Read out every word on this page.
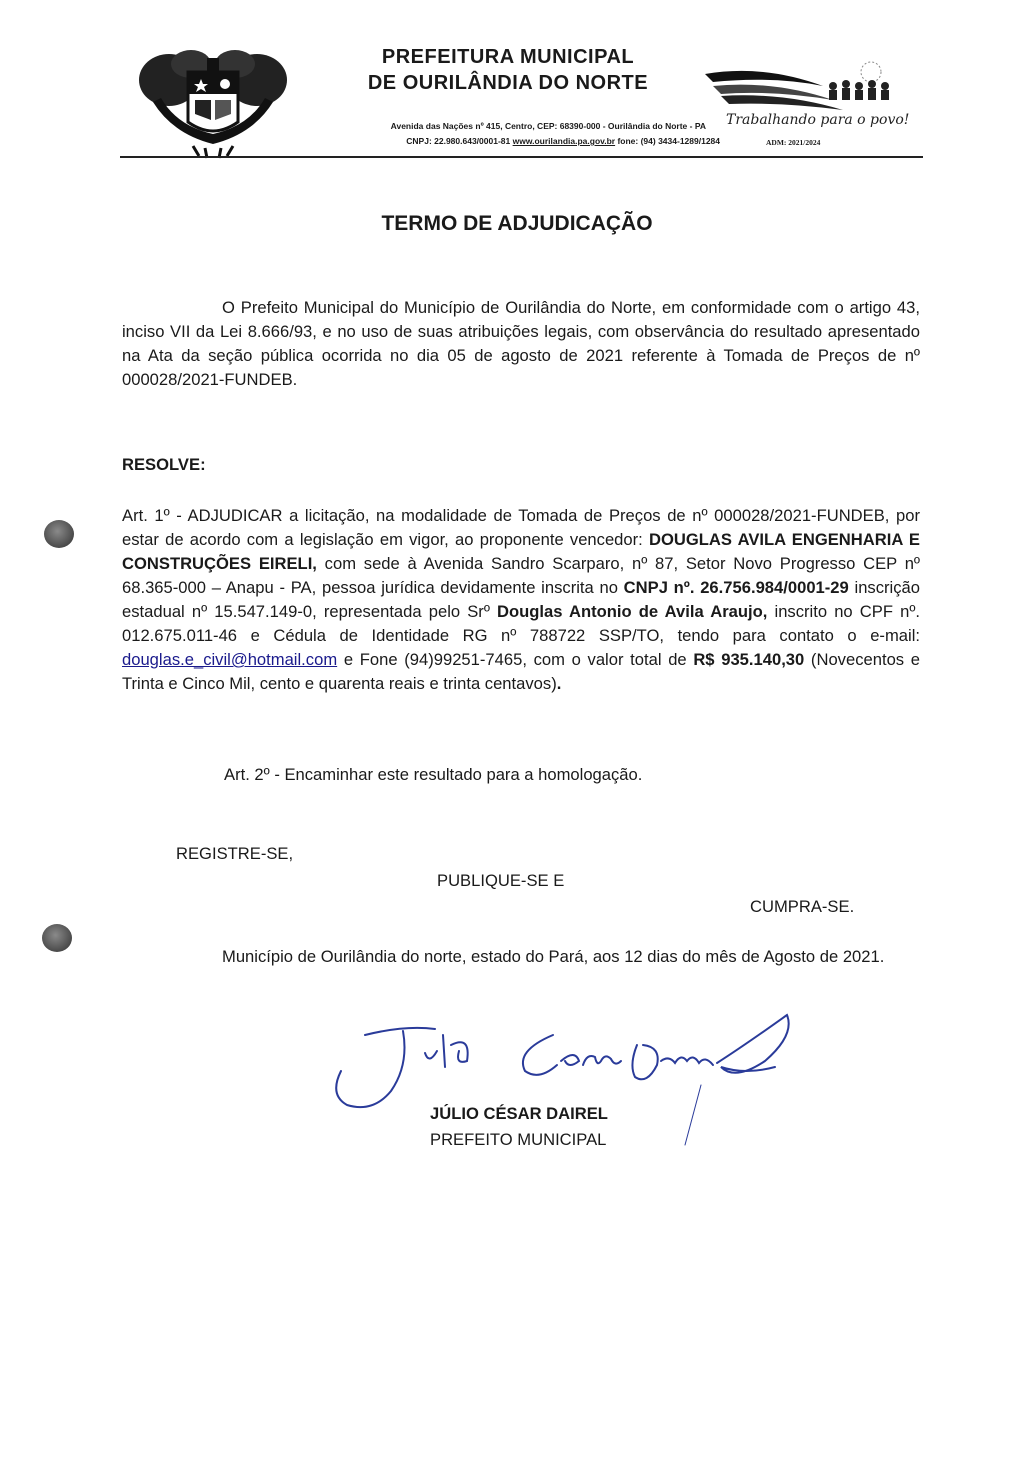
PREFEITURA MUNICIPAL
DE OURILÂNDIA DO NORTE
Avenida das Nações nº 415, Centro, CEP: 68390-000 - Ourilândia do Norte - PA
CNPJ: 22.980.643/0001-81 www.ourilandia.pa.gov.br fone: (94) 3434-1289/1284
Trabalhando para o povo!
ADM: 2021/2024
TERMO DE ADJUDICAÇÃO
O Prefeito Municipal do Município de Ourilândia do Norte, em conformidade com o artigo 43, inciso VII da Lei 8.666/93, e no uso de suas atribuições legais, com observância do resultado apresentado na Ata da seção pública ocorrida no dia 05 de agosto de 2021 referente à Tomada de Preços de nº 000028/2021-FUNDEB.
RESOLVE:
Art. 1º - ADJUDICAR a licitação, na modalidade de Tomada de Preços de nº 000028/2021-FUNDEB, por estar de acordo com a legislação em vigor, ao proponente vencedor: DOUGLAS AVILA ENGENHARIA E CONSTRUÇÕES EIRELI, com sede à Avenida Sandro Scarparo, nº 87, Setor Novo Progresso CEP nº 68.365-000 – Anapu - PA, pessoa jurídica devidamente inscrita no CNPJ nº. 26.756.984/0001-29 inscrição estadual nº 15.547.149-0, representada pelo Srº Douglas Antonio de Avila Araujo, inscrito no CPF nº. 012.675.011-46 e Cédula de Identidade RG nº 788722 SSP/TO, tendo para contato o e-mail: douglas.e_civil@hotmail.com e Fone (94)99251-7465, com o valor total de R$ 935.140,30 (Novecentos e Trinta e Cinco Mil, cento e quarenta reais e trinta centavos).
Art. 2º - Encaminhar este resultado para a homologação.
REGISTRE-SE,
PUBLIQUE-SE E
CUMPRA-SE.
Município de Ourilândia do norte, estado do Pará, aos 12 dias do mês de Agosto de 2021.
JÚLIO CÉSAR DAIREL
PREFEITO MUNICIPAL
